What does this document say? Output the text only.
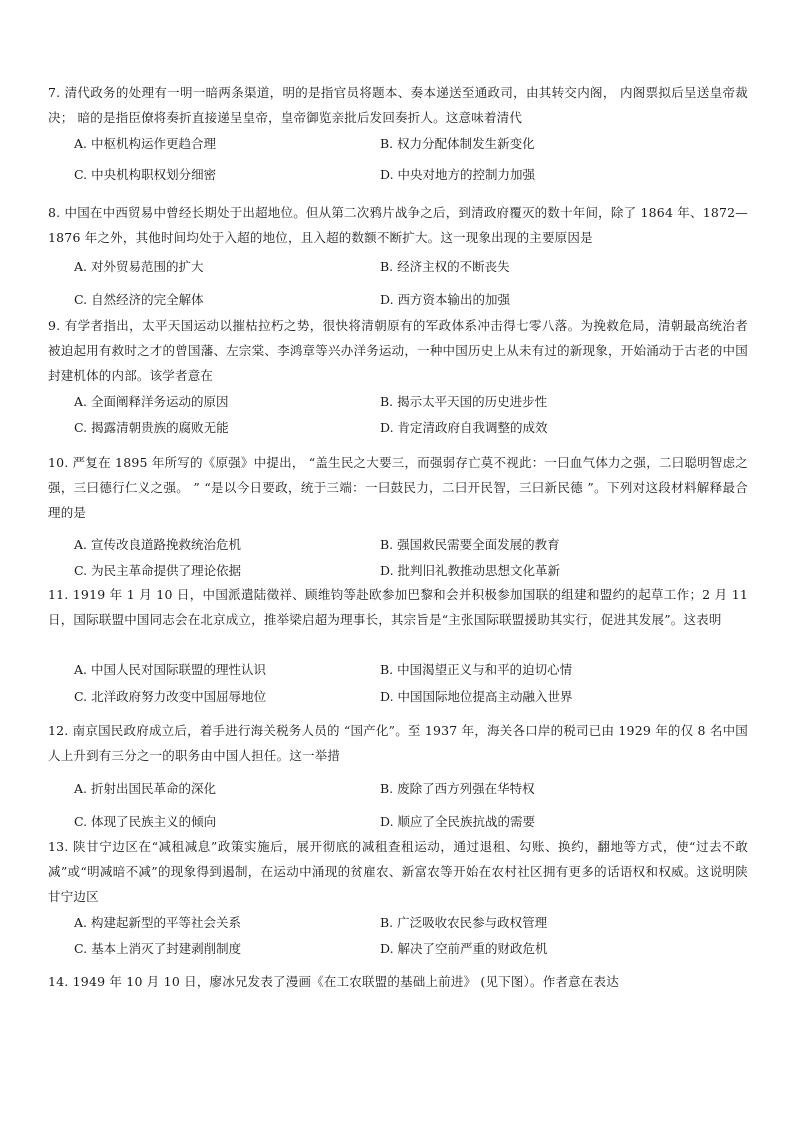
7. 清代政务的处理有一明一暗两条渠道，明的是指官员将题本、奏本递送至通政司，由其转交内阁， 内阁票拟后呈送皇帝裁决； 暗的是指臣僚将奏折直接递呈皇帝，皇帝御览亲批后发回奏折人。这意味着清代
A. 中枢机构运作更趋合理	B. 权力分配体制发生新变化
C. 中央机构职权划分细密	D. 中央对地方的控制力加强
8. 中国在中西贸易中曾经长期处于出超地位。但从第二次鸦片战争之后，到清政府覆灭的数十年间，除了 1864 年、1872—1876 年之外，其他时间均处于入超的地位，且入超的数额不断扩大。这一现象出现的主要原因是
A. 对外贸易范围的扩大	B. 经济主权的不断丧失
C. 自然经济的完全解体	D. 西方资本输出的加强
9. 有学者指出，太平天国运动以摧枯拉朽之势，很快将清朝原有的军政体系冲击得七零八落。为挽救危局，清朝最高统治者被迫起用有救时之才的曾国藩、左宗棠、李鸿章等兴办洋务运动，一种中国历史上从未有过的新现象，开始涌动于古老的中国封建机体的内部。该学者意在
A. 全面阐释洋务运动的原因	B. 揭示太平天国的历史进步性
C. 揭露清朝贵族的腐败无能	D. 肯定清政府自我调整的成效
10. 严复在 1895 年所写的《原强》中提出， “盖生民之大要三，而强弱存亡莫不视此：一曰血气体力之强，二曰聪明智虑之强，三曰德行仁义之强。 ” “是以今日要政，统于三端：一曰鼓民力，二曰开民智，三曰新民德 ”。下列对这段材料解释最合理的是
A. 宣传改良道路挽救统治危机	B. 强国救民需要全面发展的教育
C. 为民主革命提供了理论依据	D. 批判旧礼教推动思想文化革新
11. 1919 年 1 月 10 日，中国派遣陆徵祥、顾维钧等赴欧参加巴黎和会并积极参加国联的组建和盟约的起草工作；2 月 11 日，国际联盟中国同志会在北京成立，推举梁启超为理事长，其宗旨是“主张国际联盟援助其实行，促进其发展”。这表明
A. 中国人民对国际联盟的理性认识	B. 中国渴望正义与和平的迫切心情
C. 北洋政府努力改变中国屈辱地位	D. 中国国际地位提高主动融入世界
12. 南京国民政府成立后，着手进行海关税务人员的 “国产化”。至 1937 年，海关各口岸的税司已由 1929 年的仅 8 名中国人上升到有三分之一的职务由中国人担任。这一举措
A. 折射出国民革命的深化	B. 废除了西方列强在华特权
C. 体现了民族主义的倾向	D. 顺应了全民族抗战的需要
13. 陕甘宁边区在“减租减息”政策实施后，展开彻底的减租查租运动，通过退租、勾账、换约，翻地等方式，使“过去不敢减”或“明减暗不减”的现象得到遏制，在运动中涌现的贫雇农、新富农等开始在农村社区拥有更多的话语权和权威。这说明陕甘宁边区
A. 构建起新型的平等社会关系	B. 广泛吸收农民参与政权管理
C. 基本上消灭了封建剥削制度	D. 解决了空前严重的财政危机
14. 1949 年 10 月 10 日，廖冰兄发表了漫画《在工农联盟的基础上前进》 (见下图）。作者意在表达
